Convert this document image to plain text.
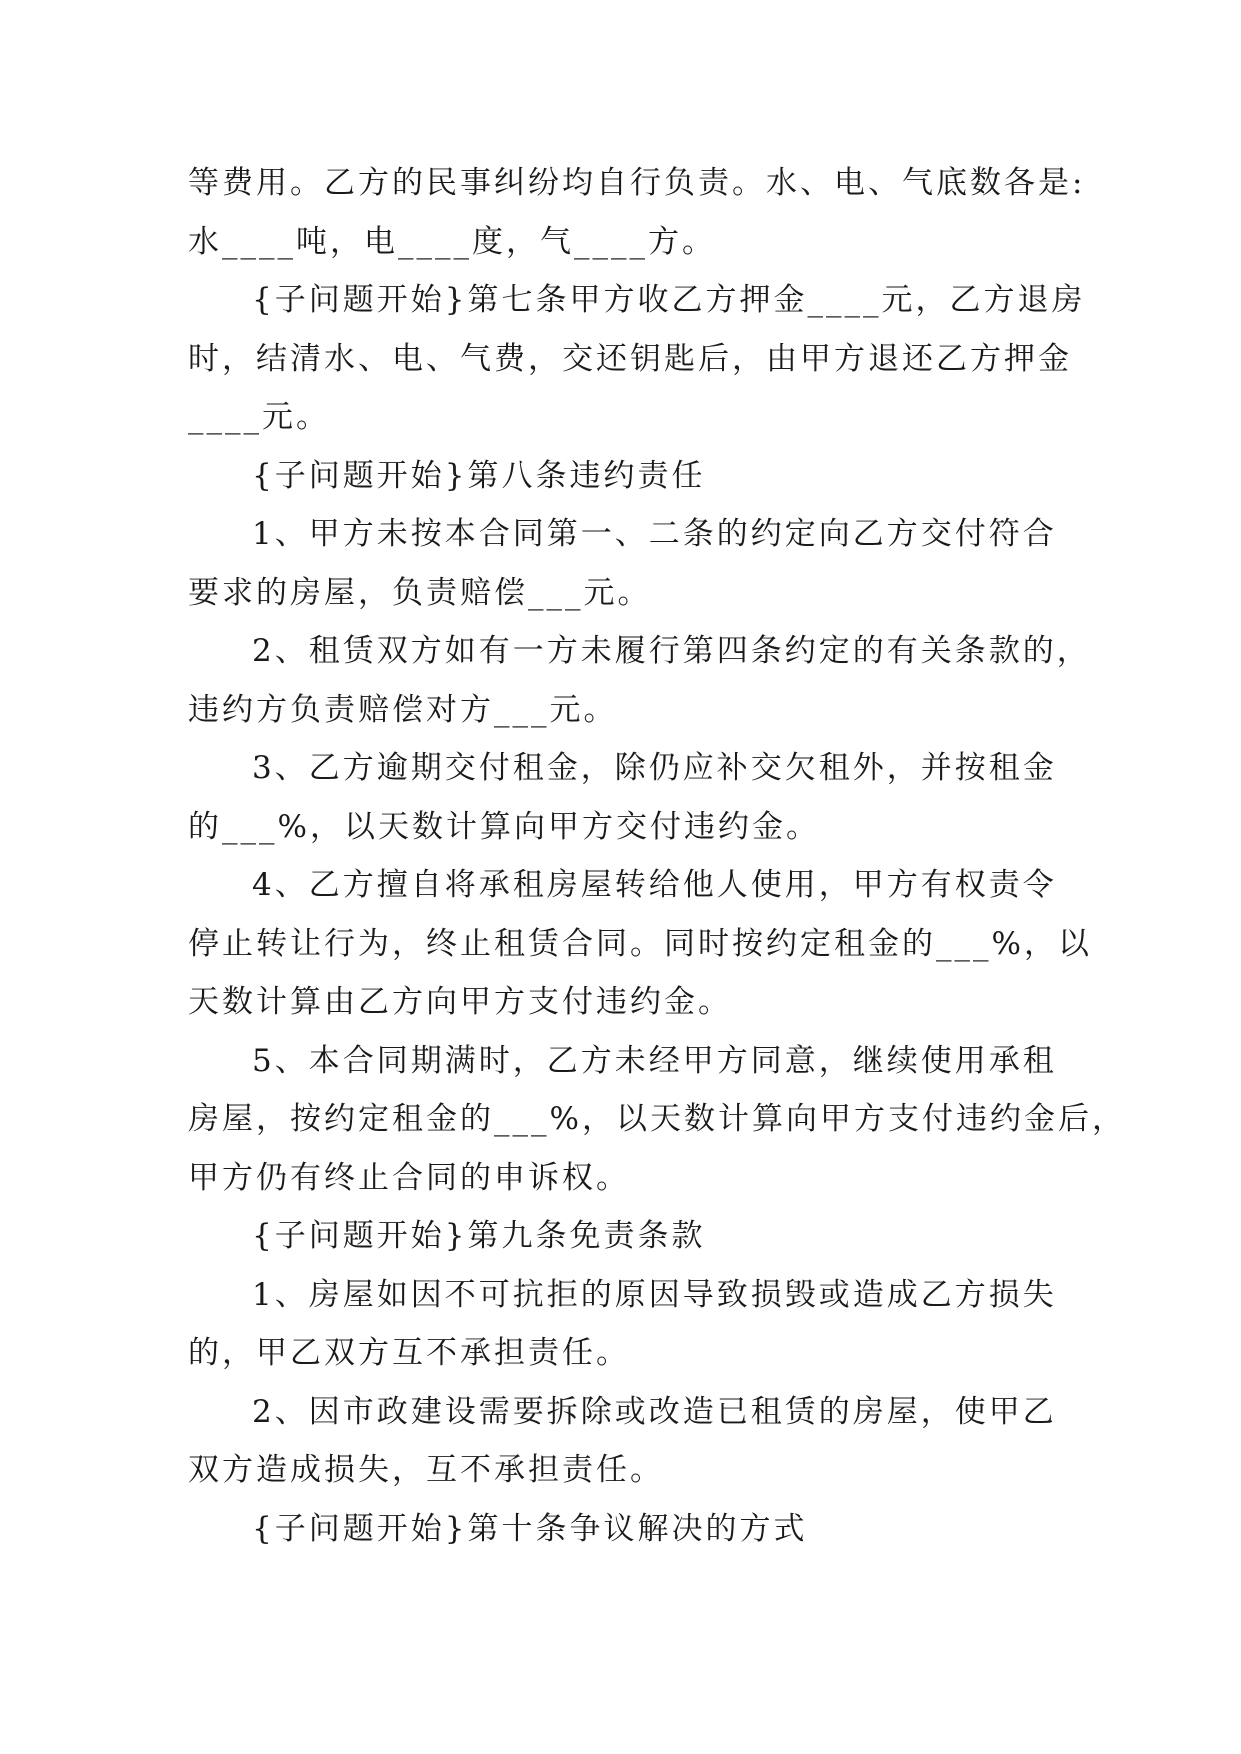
等费用。乙方的民事纠纷均自行负责。水、电、气底数各是:
水____吨，电____度，气____方。
{子问题开始}第七条甲方收乙方押金____元，乙方退房
时，结清水、电、气费，交还钥匙后，由甲方退还乙方押金
____元。
{子问题开始}第八条违约责任
1、甲方未按本合同第一、二条的约定向乙方交付符合
要求的房屋，负责赔偿___元。
2、租赁双方如有一方未履行第四条约定的有关条款的，
违约方负责赔偿对方___元。
3、乙方逾期交付租金，除仍应补交欠租外，并按租金
的___%，以天数计算向甲方交付违约金。
4、乙方擅自将承租房屋转给他人使用，甲方有权责令
停止转让行为，终止租赁合同。同时按约定租金的___%，以
天数计算由乙方向甲方支付违约金。
5、本合同期满时，乙方未经甲方同意，继续使用承租
房屋，按约定租金的___%，以天数计算向甲方支付违约金后，
甲方仍有终止合同的申诉权。
{子问题开始}第九条免责条款
1、房屋如因不可抗拒的原因导致损毁或造成乙方损失
的，甲乙双方互不承担责任。
2、因市政建设需要拆除或改造已租赁的房屋，使甲乙
双方造成损失，互不承担责任。
{子问题开始}第十条争议解决的方式
